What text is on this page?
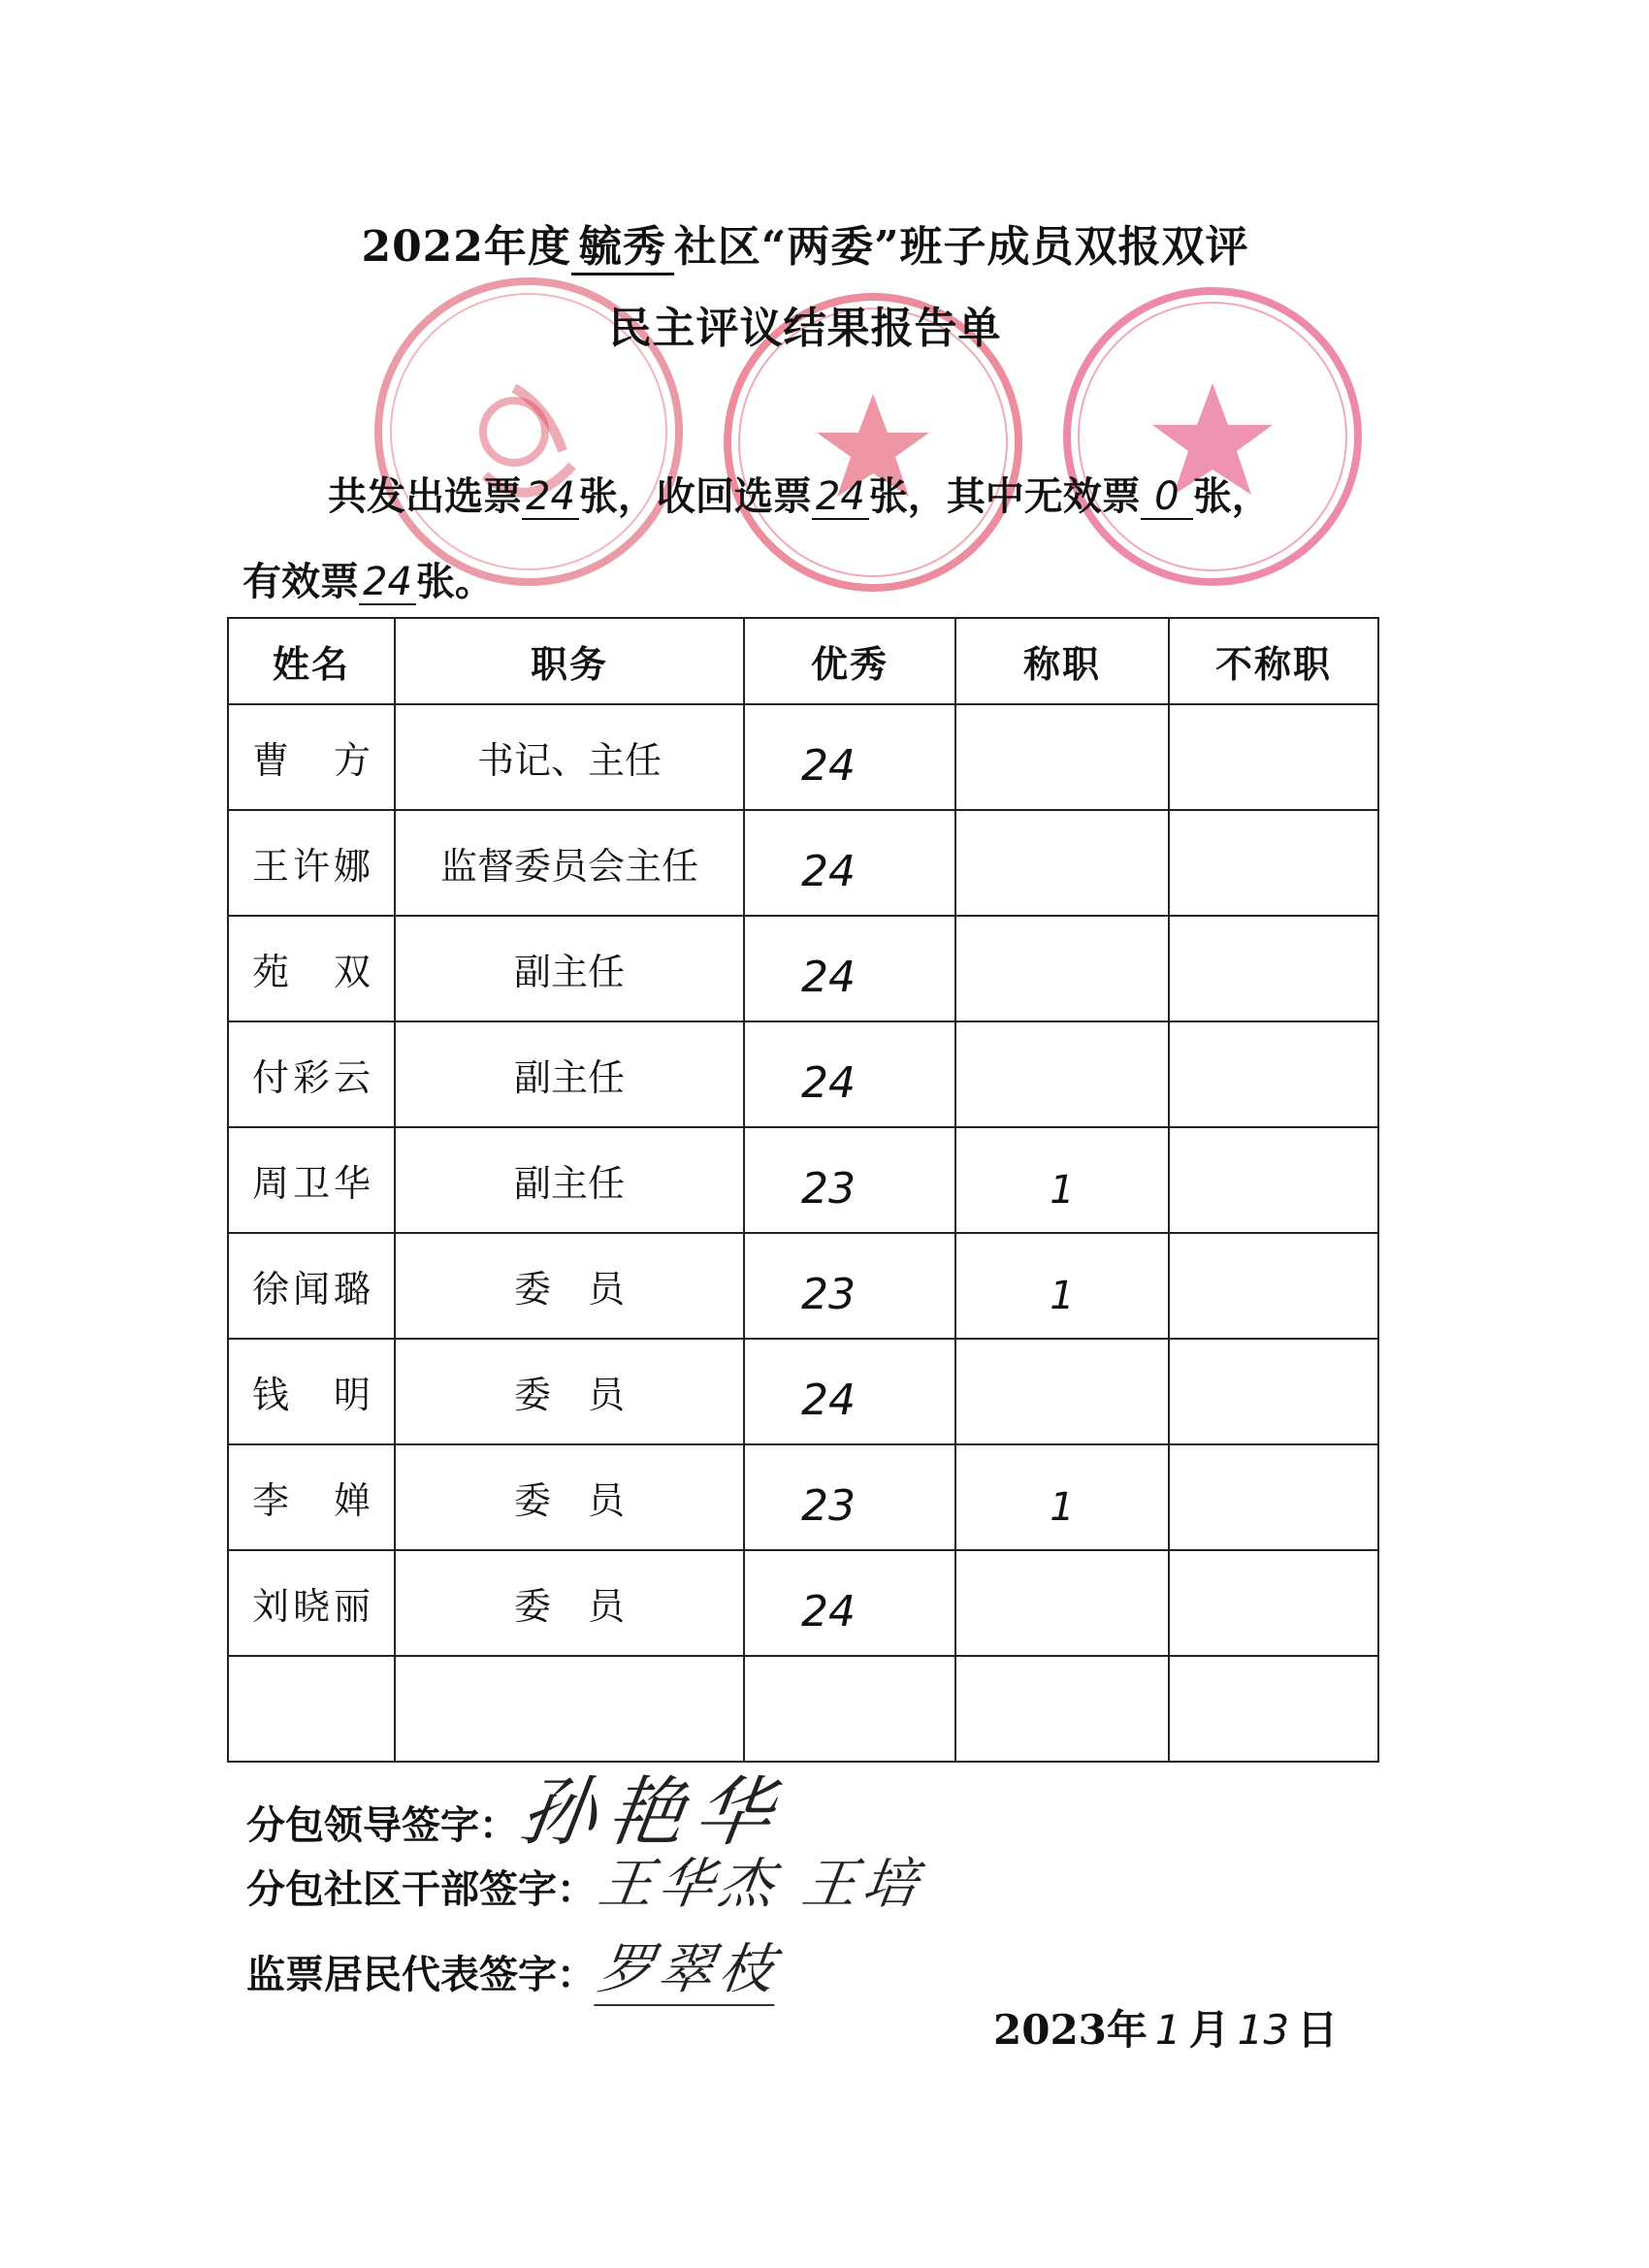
2022年度 毓秀 社区“两委”班子成员双报双评
民主评议结果报告单
共发出选票 24 张，收回选票 24 张，其中无效票 0 张，
有效票 24 张。
姓名	职务	优秀	称职	不称职
曹　方	书记、主任	24		
王许娜	监督委员会主任	24		
苑　双	副主任	24		
付彩云	副主任	24		
周卫华	副主任	23	1	
徐闻璐	委　员	23	1	
钱　明	委　员	24		
李　婵	委　员	23	1	
刘晓丽	委　员	24		

分包领导签字：孙艳华
分包社区干部签字：王华杰 王培
监票居民代表签字：罗翠枝
2023年 1 月 13 日
